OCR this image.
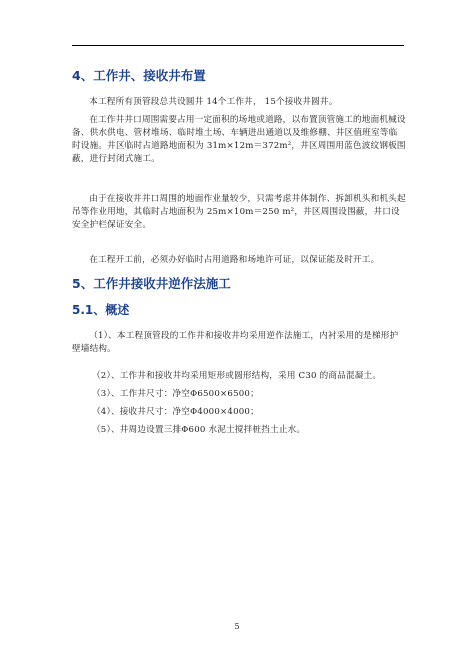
4、工作井、接收井布置

本工程所有顶管段总共设圆井 14个工作井， 15个接收井圆井。

在工作井井口周围需要占用一定面积的场地或道路，以布置顶管施工的地面机械设备、供水供电、管材堆场、临时堆土场、车辆进出通道以及维修棚、井区值班室等临时设施。井区临时占道路地面积为 31m×12m＝372m²，井区周围用蓝色波纹钢板围蔽，进行封闭式施工。

由于在接收井井口周围的地面作业量较少，只需考虑井体制作、拆卸机头和机头起吊等作业用地，其临时占地面积为 25m×10m＝250 m²，井区周围设围蔽，井口设安全护栏保证安全。

在工程开工前，必须办好临时占用道路和场地许可证，以保证能及时开工。

5、工作井接收井逆作法施工
5.1、概述

（1）、本工程顶管段的工作井和接收井均采用逆作法施工，内衬采用的是梯形护壁墙结构。

（2）、工作井和接收井均采用矩形或圆形结构，采用 C30 的商品混凝土。
（3）、工作井尺寸：净空Φ6500×6500；
（4）、接收井尺寸：净空Φ4000×4000；
（5）、井周边设置三排Φ600 水泥土搅拌桩挡土止水。
5
